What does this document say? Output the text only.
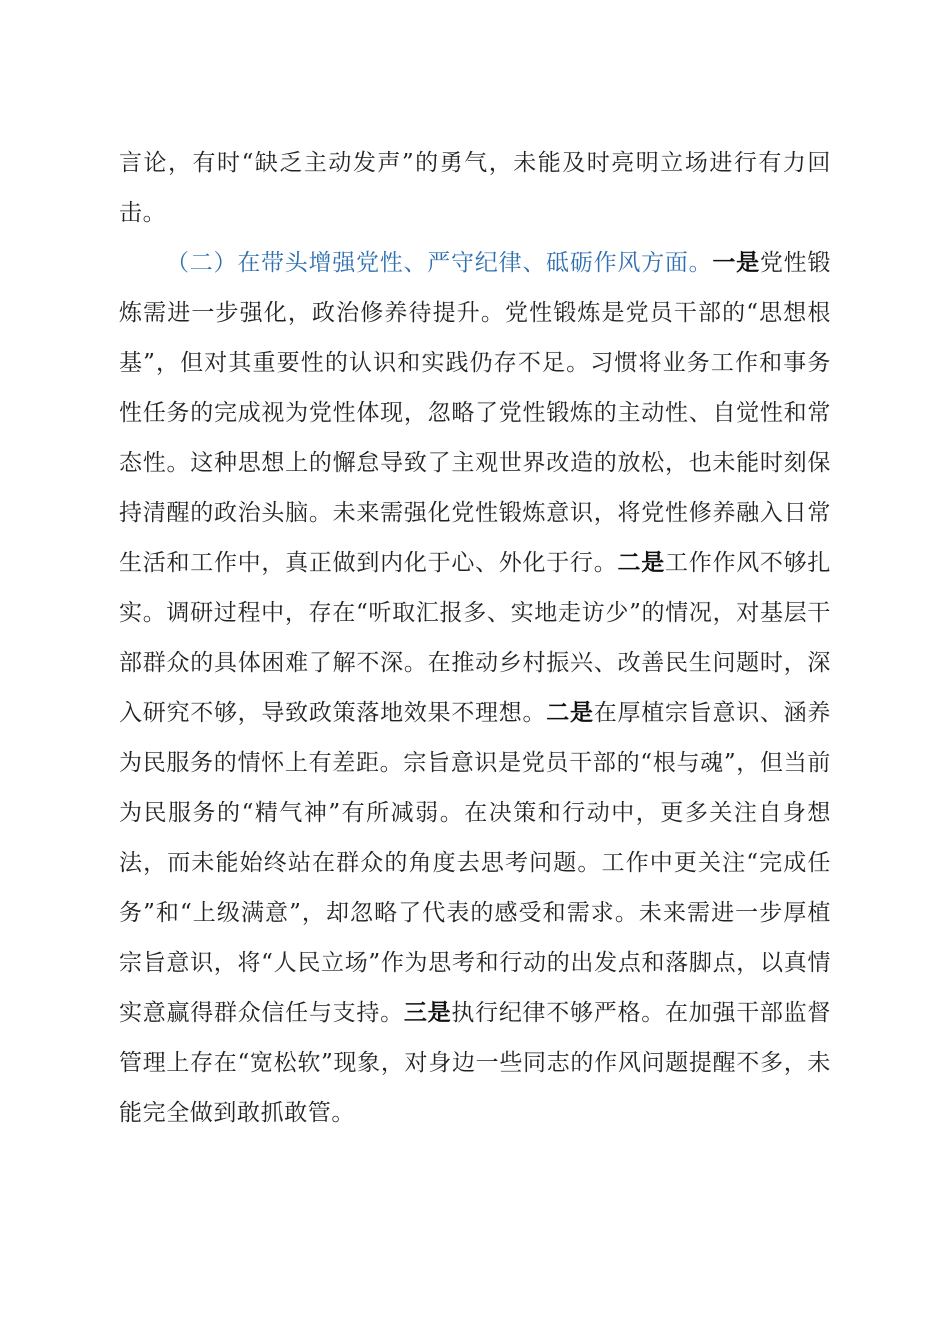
言论，有时“缺乏主动发声”的勇气，未能及时亮明立场进行有力回击。

（二）在带头增强党性、严守纪律、砥砺作风方面。一是党性锻炼需进一步强化，政治修养待提升。党性锻炼是党员干部的“思想根基”，但对其重要性的认识和实践仍存不足。习惯将业务工作和事务性任务的完成视为党性体现，忽略了党性锻炼的主动性、自觉性和常态性。这种思想上的懈怠导致了主观世界改造的放松，也未能时刻保持清醒的政治头脑。未来需强化党性锻炼意识，将党性修养融入日常生活和工作中，真正做到内化于心、外化于行。二是工作作风不够扎实。调研过程中，存在“听取汇报多、实地走访少”的情况，对基层干部群众的具体困难了解不深。在推动乡村振兴、改善民生问题时，深入研究不够，导致政策落地效果不理想。二是在厚植宗旨意识、涵养为民服务的情怀上有差距。宗旨意识是党员干部的“根与魂”，但当前为民服务的“精气神”有所减弱。在决策和行动中，更多关注自身想法，而未能始终站在群众的角度去思考问题。工作中更关注“完成任务”和“上级满意”，却忽略了代表的感受和需求。未来需进一步厚植宗旨意识，将“人民立场”作为思考和行动的出发点和落脚点，以真情实意赢得群众信任与支持。三是执行纪律不够严格。在加强干部监督管理上存在“宽松软”现象，对身边一些同志的作风问题提醒不多，未能完全做到敢抓敢管。
